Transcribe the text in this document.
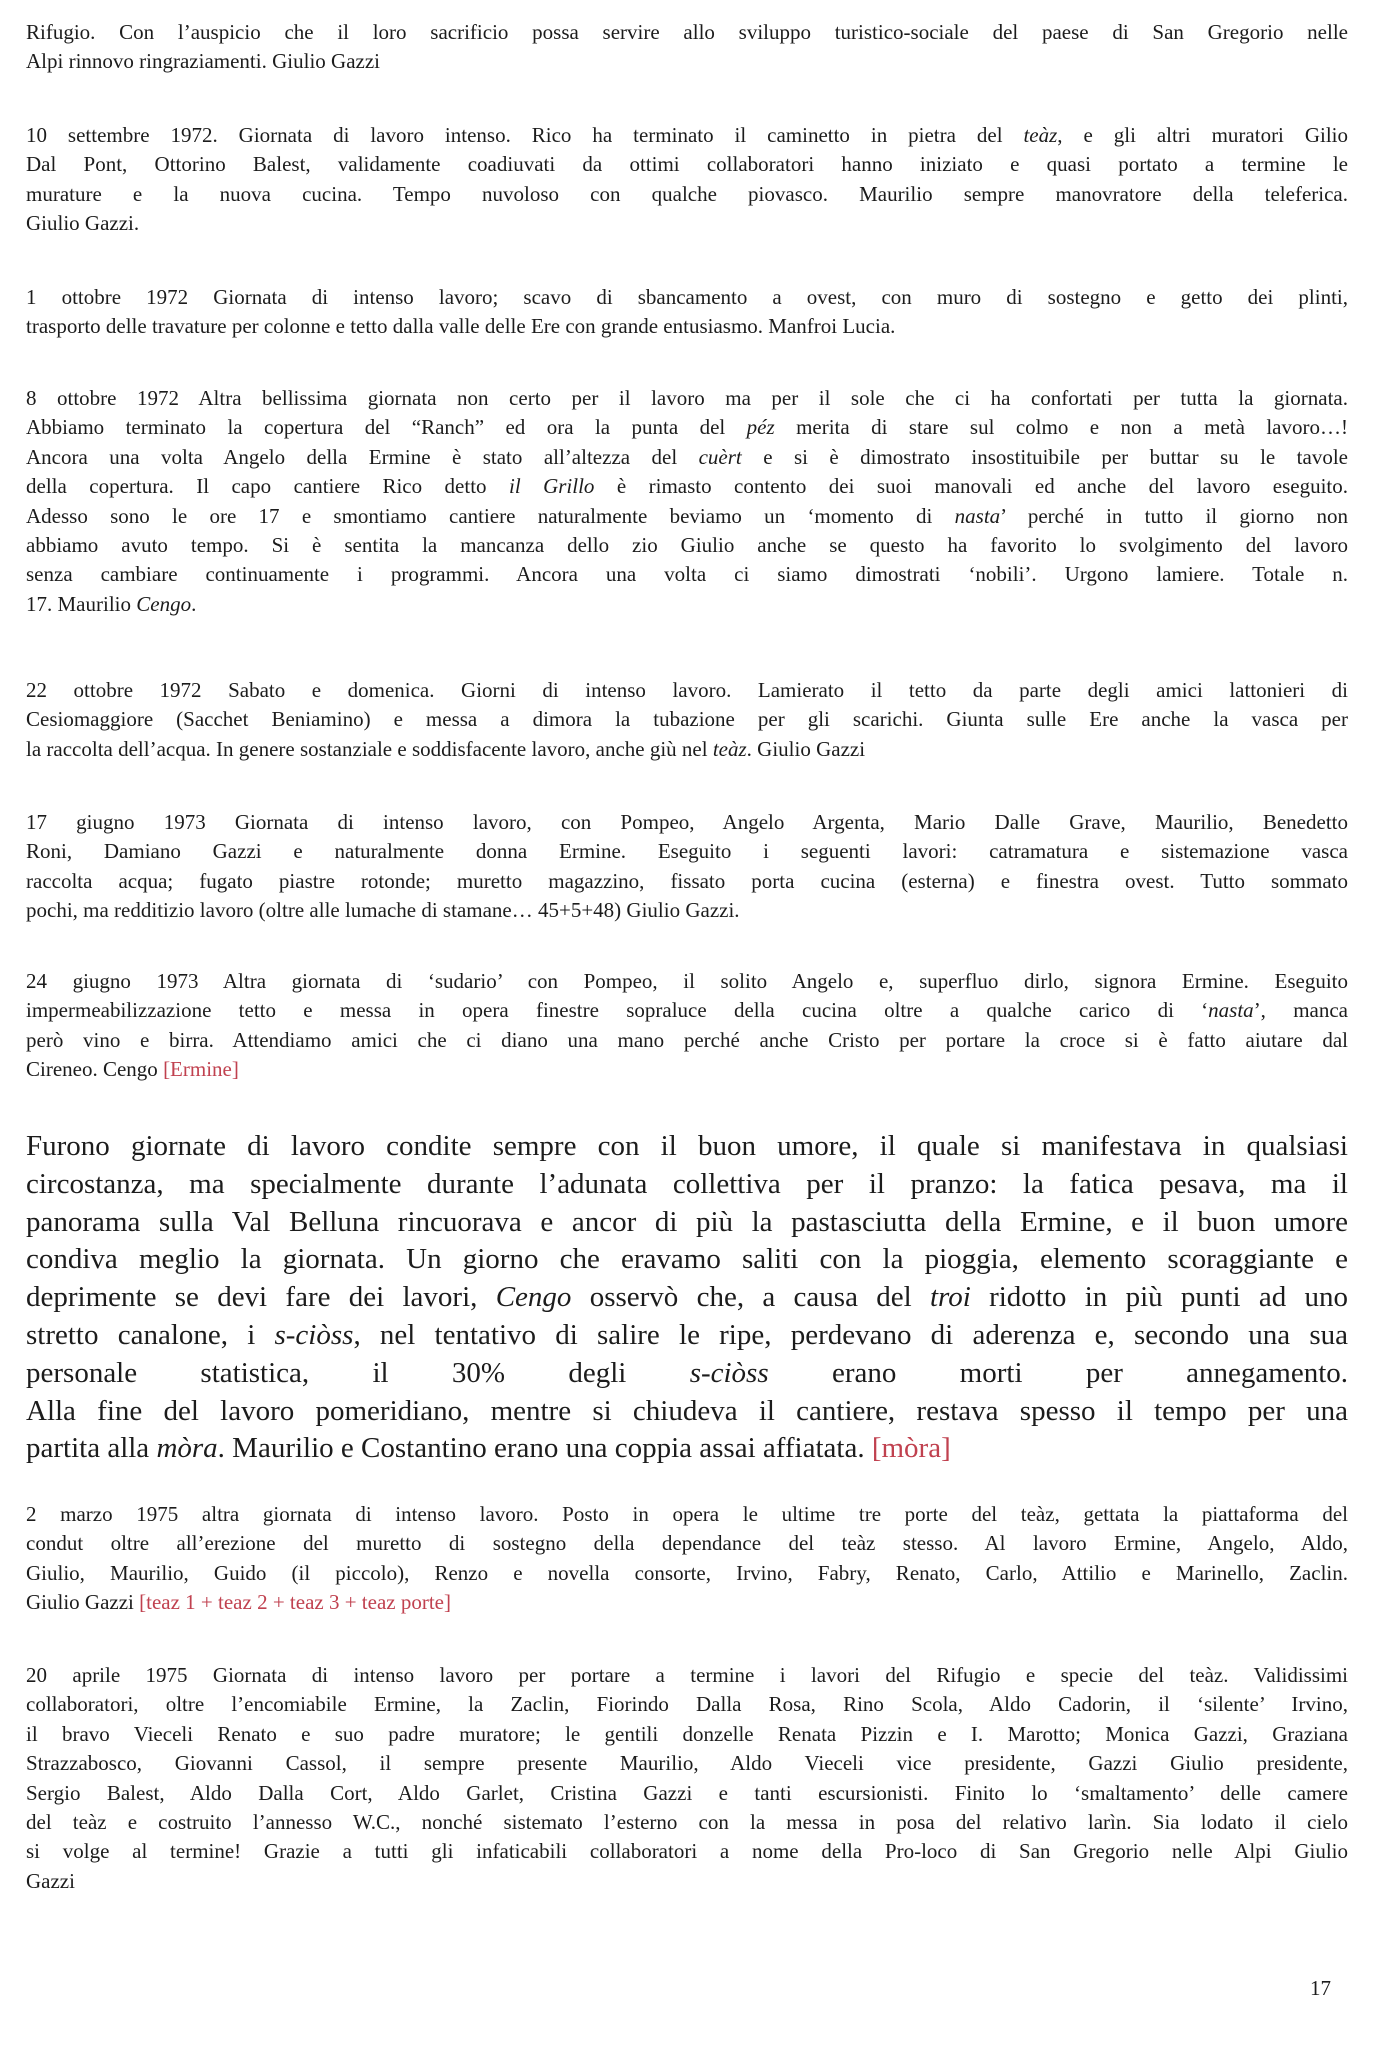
Rifugio. Con l’auspicio che il loro sacrificio possa servire allo sviluppo turistico-sociale del paese di San Gregorio nelle
Alpi rinnovo ringraziamenti. Giulio Gazzi

10 settembre 1972. Giornata di lavoro intenso. Rico ha terminato il caminetto in pietra del teàz, e gli altri muratori Gilio
Dal Pont, Ottorino Balest, validamente coadiuvati da ottimi collaboratori hanno iniziato e quasi portato a termine le
murature e la nuova cucina. Tempo nuvoloso con qualche piovasco. Maurilio sempre manovratore della teleferica.
Giulio Gazzi.

1 ottobre 1972 Giornata di intenso lavoro; scavo di sbancamento a ovest, con muro di sostegno e getto dei plinti,
trasporto delle travature per colonne e tetto dalla valle delle Ere con grande entusiasmo. Manfroi Lucia.

8 ottobre 1972 Altra bellissima giornata non certo per il lavoro ma per il sole che ci ha confortati per tutta la giornata.
Abbiamo terminato la copertura del “Ranch” ed ora la punta del péz merita di stare sul colmo e non a metà lavoro…!
Ancora una volta Angelo della Ermine è stato all’altezza del cuèrt e si è dimostrato insostituibile per buttar su le tavole
della copertura. Il capo cantiere Rico detto il Grillo è rimasto contento dei suoi manovali ed anche del lavoro eseguito.
Adesso sono le ore 17 e smontiamo cantiere naturalmente beviamo un ‘momento di nasta’ perché in tutto il giorno non
abbiamo avuto tempo. Si è sentita la mancanza dello zio Giulio anche se questo ha favorito lo svolgimento del lavoro
senza cambiare continuamente i programmi. Ancora una volta ci siamo dimostrati ‘nobili’. Urgono lamiere. Totale n.
17. Maurilio Cengo.

22 ottobre 1972 Sabato e domenica. Giorni di intenso lavoro. Lamierato il tetto da parte degli amici lattonieri di
Cesiomaggiore (Sacchet Beniamino) e messa a dimora la tubazione per gli scarichi. Giunta sulle Ere anche la vasca per
la raccolta dell’acqua. In genere sostanziale e soddisfacente lavoro, anche giù nel teàz. Giulio Gazzi

17 giugno 1973 Giornata di intenso lavoro, con Pompeo, Angelo Argenta, Mario Dalle Grave, Maurilio, Benedetto
Roni, Damiano Gazzi e naturalmente donna Ermine. Eseguito i seguenti lavori: catramatura e sistemazione vasca
raccolta acqua; fugato piastre rotonde; muretto magazzino, fissato porta cucina (esterna) e finestra ovest. Tutto sommato
pochi, ma redditizio lavoro (oltre alle lumache di stamane… 45+5+48) Giulio Gazzi.

24 giugno 1973 Altra giornata di ‘sudario’ con Pompeo, il solito Angelo e, superfluo dirlo, signora Ermine. Eseguito
impermeabilizzazione tetto e messa in opera finestre sopraluce della cucina oltre a qualche carico di ‘nasta’, manca
però vino e birra. Attendiamo amici che ci diano una mano perché anche Cristo per portare la croce si è fatto aiutare dal
Cireneo. Cengo [Ermine]

Furono giornate di lavoro condite sempre con il buon umore, il quale si manifestava in qualsiasi
circostanza, ma specialmente durante l’adunata collettiva per il pranzo: la fatica pesava, ma il
panorama sulla Val Belluna rincuorava e ancor di più la pastasciutta della Ermine, e il buon umore
condiva meglio la giornata. Un giorno che eravamo saliti con la pioggia, elemento scoraggiante e
deprimente se devi fare dei lavori, Cengo osservò che, a causa del troi ridotto in più punti ad uno
stretto canalone, i s-ciòss, nel tentativo di salire le ripe, perdevano di aderenza e, secondo una sua
personale statistica, il 30% degli s-ciòss erano morti per annegamento.
Alla fine del lavoro pomeridiano, mentre si chiudeva il cantiere, restava spesso il tempo per una
partita alla mòra. Maurilio e Costantino erano una coppia assai affiatata. [mòra]

2 marzo 1975 altra giornata di intenso lavoro. Posto in opera le ultime tre porte del teàz, gettata la piattaforma del
condut oltre all’erezione del muretto di sostegno della dependance del teàz stesso. Al lavoro Ermine, Angelo, Aldo,
Giulio, Maurilio, Guido (il piccolo), Renzo e novella consorte, Irvino, Fabry, Renato, Carlo, Attilio e Marinello, Zaclin.
Giulio Gazzi [teaz 1 + teaz 2 + teaz 3 + teaz porte]

20 aprile 1975 Giornata di intenso lavoro per portare a termine i lavori del Rifugio e specie del teàz. Validissimi
collaboratori, oltre l’encomiabile Ermine, la Zaclin, Fiorindo Dalla Rosa, Rino Scola, Aldo Cadorin, il ‘silente’ Irvino,
il bravo Vieceli Renato e suo padre muratore; le gentili donzelle Renata Pizzin e I. Marotto; Monica Gazzi, Graziana
Strazzabosco, Giovanni Cassol, il sempre presente Maurilio, Aldo Vieceli vice presidente, Gazzi Giulio presidente,
Sergio Balest, Aldo Dalla Cort, Aldo Garlet, Cristina Gazzi e tanti escursionisti. Finito lo ‘smaltamento’ delle camere
del teàz e costruito l’annesso W.C., nonché sistemato l’esterno con la messa in posa del relativo larìn. Sia lodato il cielo
si volge al termine! Grazie a tutti gli infaticabili collaboratori a nome della Pro-loco di San Gregorio nelle Alpi Giulio
Gazzi

17
